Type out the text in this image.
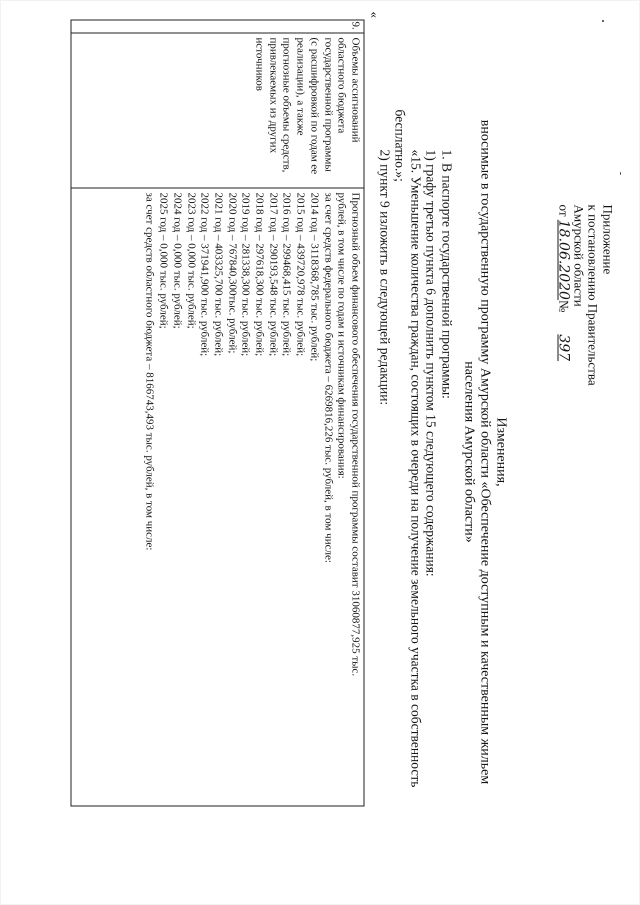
Приложение
к постановлению Правительства
Амурской области
от 18.06.2020№397
Изменения,
вносимые в государственную программу Амурской области «Обеспечение доступным и качественным жильем
населения Амурской области»
1. В паспорте государственной программы:
1) графу третью пункта 6 дополнить пунктом 15 следующего содержания:
«15. Уменьшение количества граждан, состоящих в очереди на получение земельного участка в собственность
бесплатно.»;
2) пункт 9 изложить в следующей редакции:
«
9.
Объемы ассигнований
областного бюджета
государственной программы
(с расшифровкой по годам ее
реализации), а также
прогнозные объемы средств,
привлекаемых из других
источников
Прогнозный объем финансового обеспечения государственной программы составит 31060877,925 тыс.
рублей, в том числе по годам и источникам финансирования:
за счет средств федерального бюджета – 6269816,226 тыс. рублей, в том числе:
2014 год – 3118368,785 тыс. рублей;
2015 год – 439720,978 тыс. рублей;
2016 год – 299468,415 тыс. рублей;
2017 год – 290193,548 тыс. рублей;
2018 год – 297618,300 тыс. рублей;
2019 год – 281338,300 тыс. рублей;
2020 год – 767840,300тыс. рублей;
2021 год – 403325,700 тыс. рублей;
2022 год – 371941,900 тыс. рублей;
2023 год – 0,000 тыс. рублей;
2024 год – 0,000 тыс. рублей;
2025 год – 0,000 тыс. рублей;
за счет средств областного бюджета – 8166743,493 тыс. рублей, в том числе:
